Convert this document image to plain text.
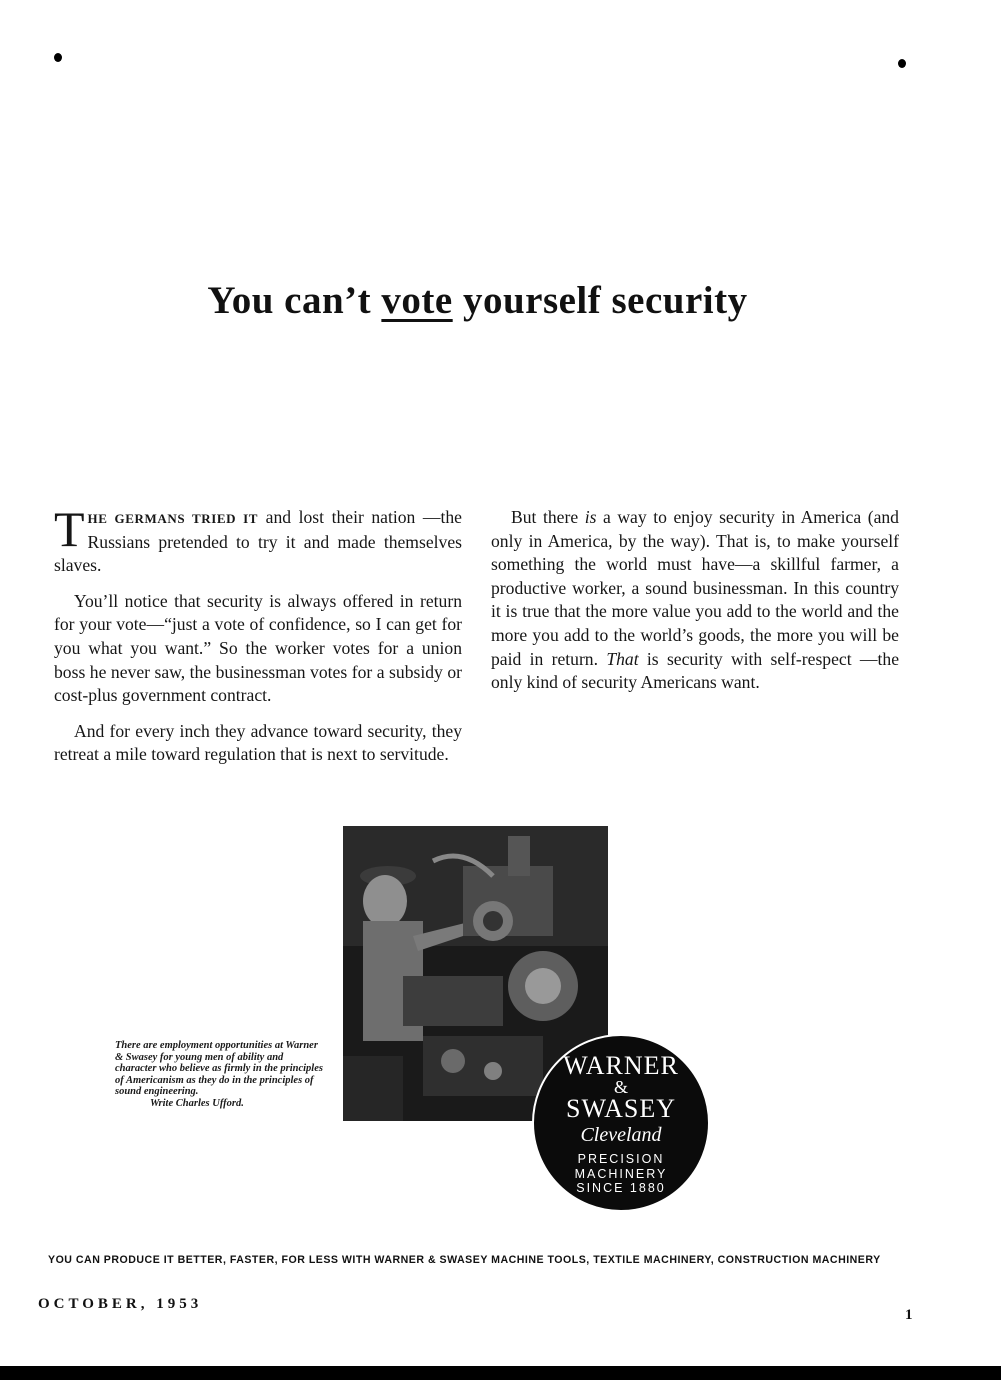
You can’t vote yourself security

THE GERMANS TRIED IT and lost their nation —the Russians pretended to try it and made themselves slaves.

You’ll notice that security is always offered in return for your vote—“just a vote of confidence, so I can get for you what you want.” So the worker votes for a union boss he never saw, the businessman votes for a subsidy or cost-plus government contract.

And for every inch they advance toward security, they retreat a mile toward regulation that is next to servitude.

But there is a way to enjoy security in America (and only in America, by the way). That is, to make yourself something the world must have—a skillful farmer, a productive worker, a sound businessman. In this country it is true that the more value you add to the world and the more you add to the world’s goods, the more you will be paid in return. That is security with self-respect —the only kind of security Americans want.

There are employment opportunities at Warner & Swasey for young men of ability and character who believe as firmly in the principles of Americanism as they do in the principles of sound engineering.
Write Charles Ufford.
WARNER
&
SWASEY
Cleveland
PRECISION
MACHINERY
SINCE 1880
YOU CAN PRODUCE IT BETTER, FASTER, FOR LESS WITH WARNER & SWASEY MACHINE TOOLS, TEXTILE MACHINERY, CONSTRUCTION MACHINERY
OCTOBER, 1953
1
